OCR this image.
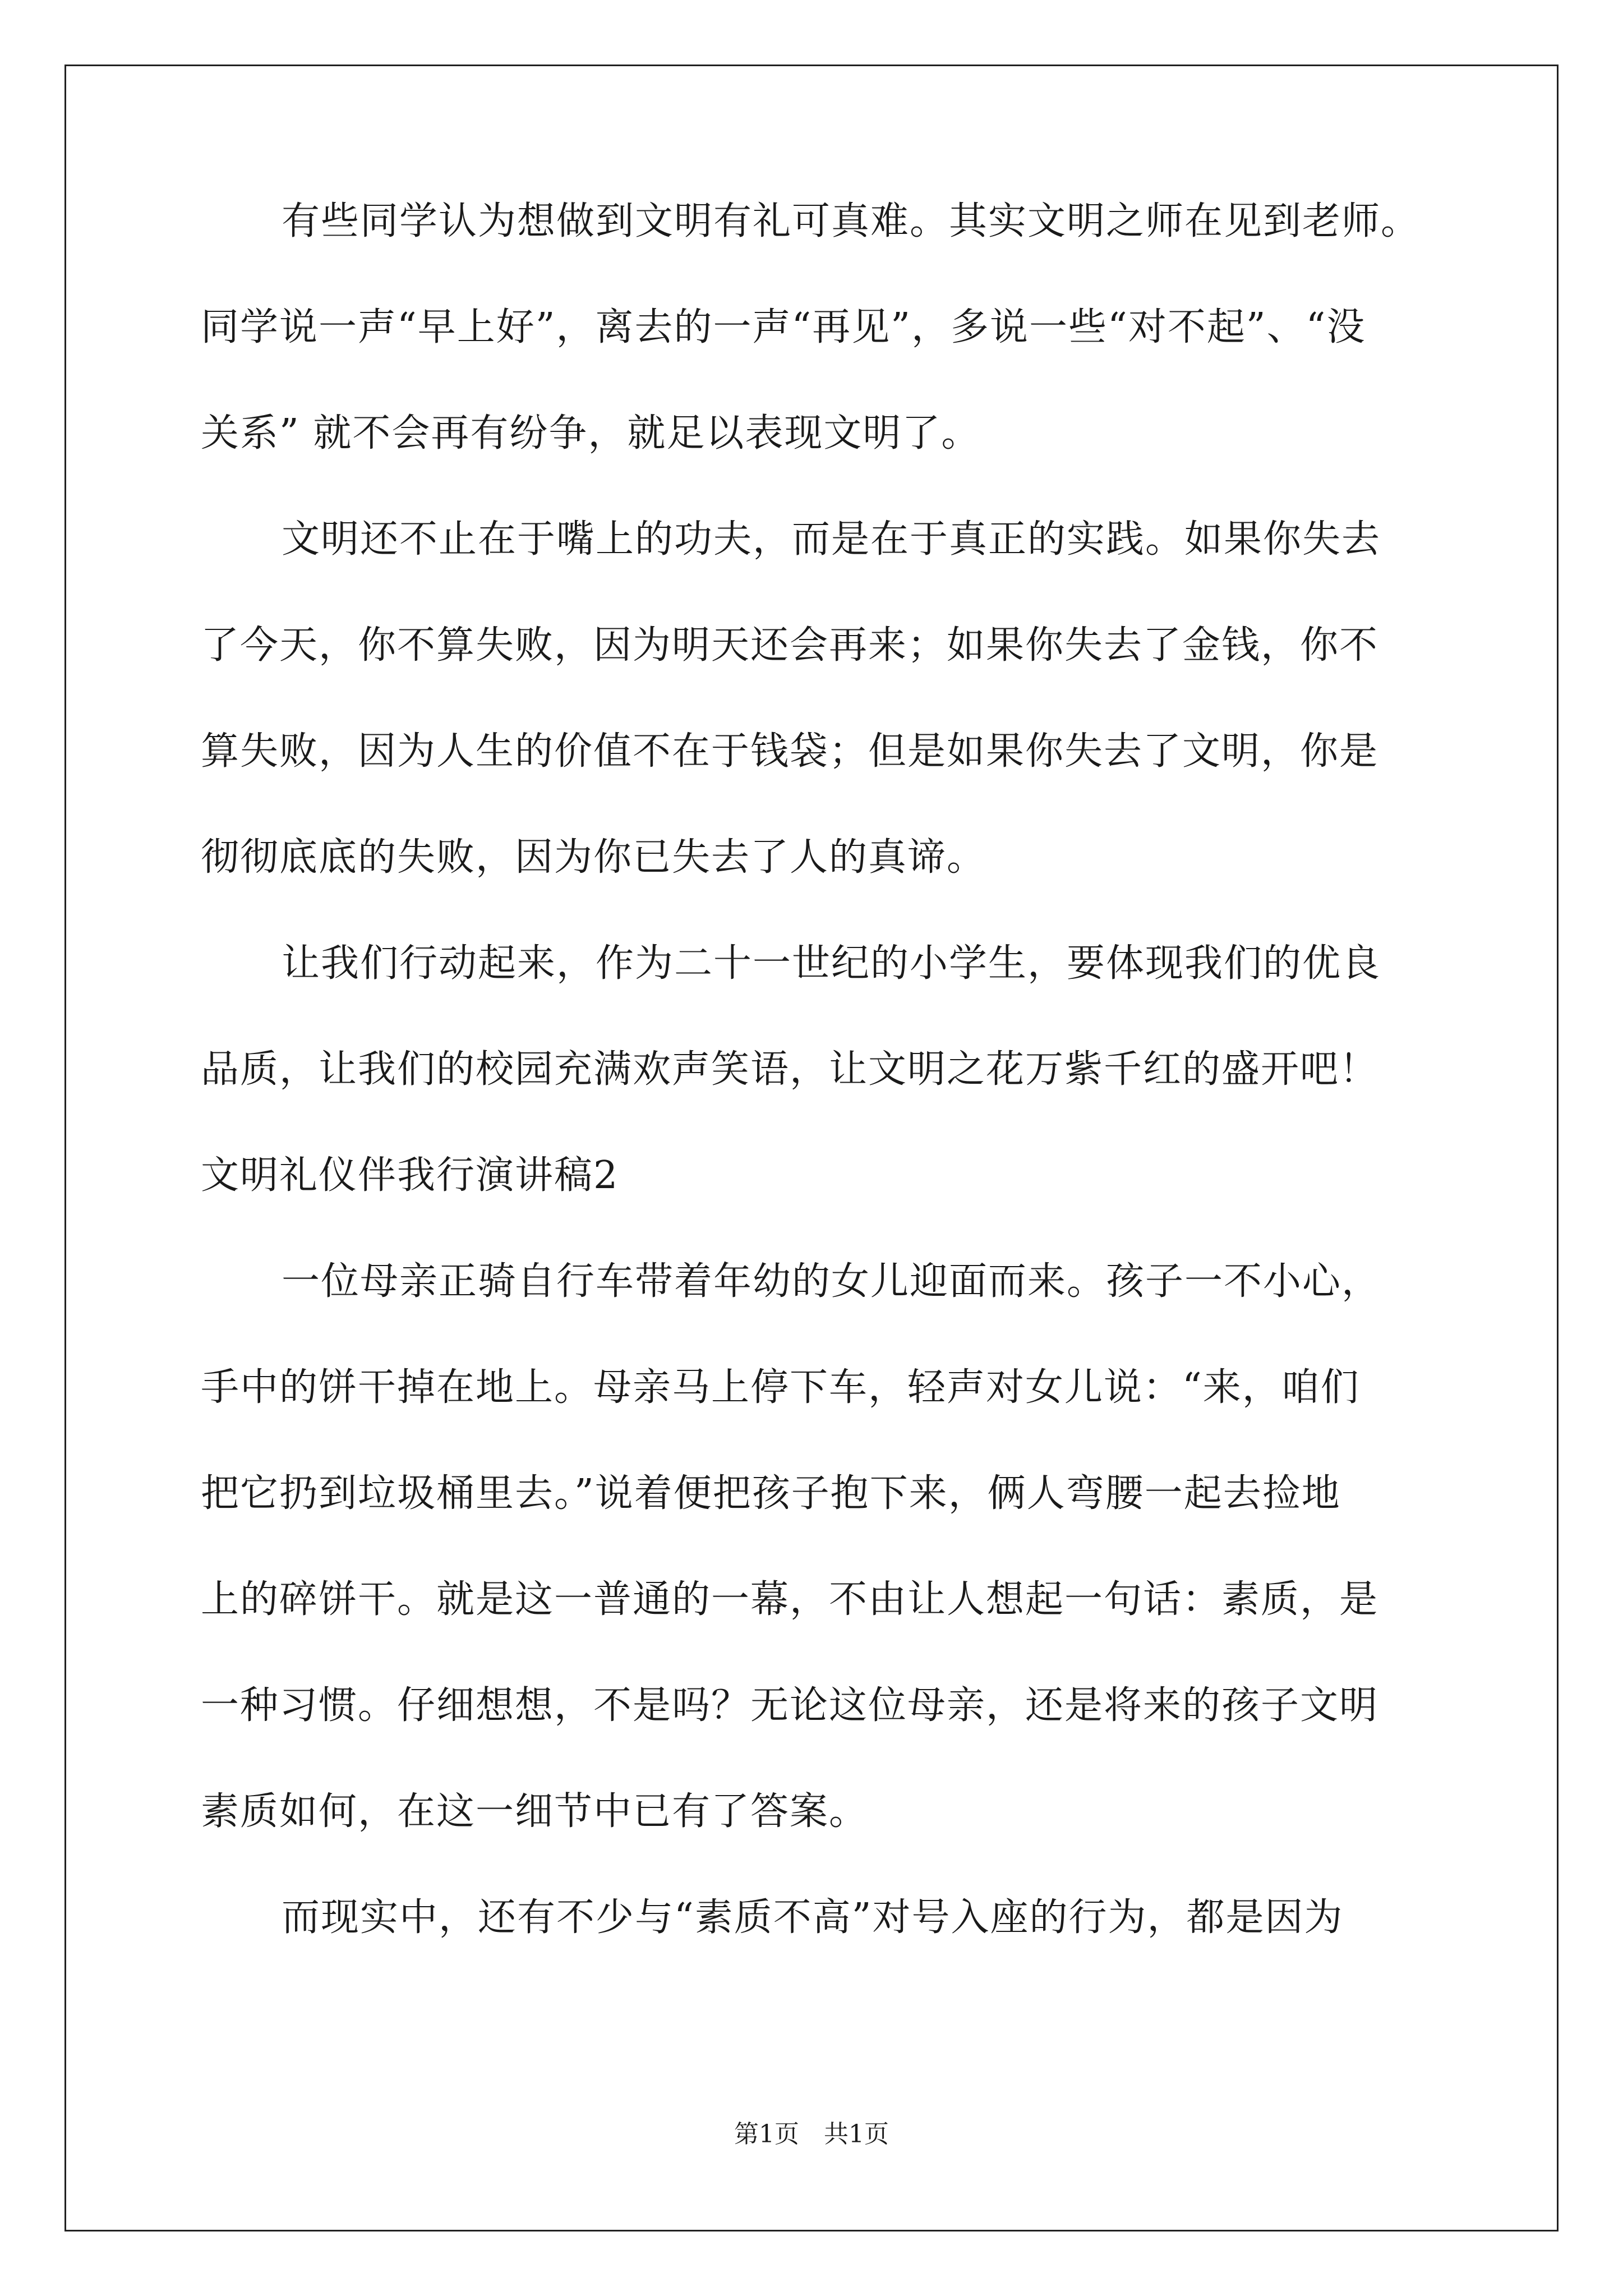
有些同学认为想做到文明有礼可真难。其实文明之师在见到老师。
同学说一声“早上好”，离去的一声“再见”，多说一些“对不起”、“没
关系” 就不会再有纷争，就足以表现文明了。
文明还不止在于嘴上的功夫，而是在于真正的实践。如果你失去
了今天，你不算失败，因为明天还会再来；如果你失去了金钱，你不
算失败，因为人生的价值不在于钱袋；但是如果你失去了文明，你是
彻彻底底的失败，因为你已失去了人的真谛。
让我们行动起来，作为二十一世纪的小学生，要体现我们的优良
品质，让我们的校园充满欢声笑语，让文明之花万紫千红的盛开吧！
文明礼仪伴我行演讲稿2
一位母亲正骑自行车带着年幼的女儿迎面而来。孩子一不小心，
手中的饼干掉在地上。母亲马上停下车，轻声对女儿说：“来，咱们
把它扔到垃圾桶里去。”说着便把孩子抱下来，俩人弯腰一起去捡地
上的碎饼干。就是这一普通的一幕，不由让人想起一句话：素质，是
一种习惯。仔细想想，不是吗？无论这位母亲，还是将来的孩子文明
素质如何，在这一细节中已有了答案。
而现实中，还有不少与“素质不高”对号入座的行为，都是因为
第1页　共1页
